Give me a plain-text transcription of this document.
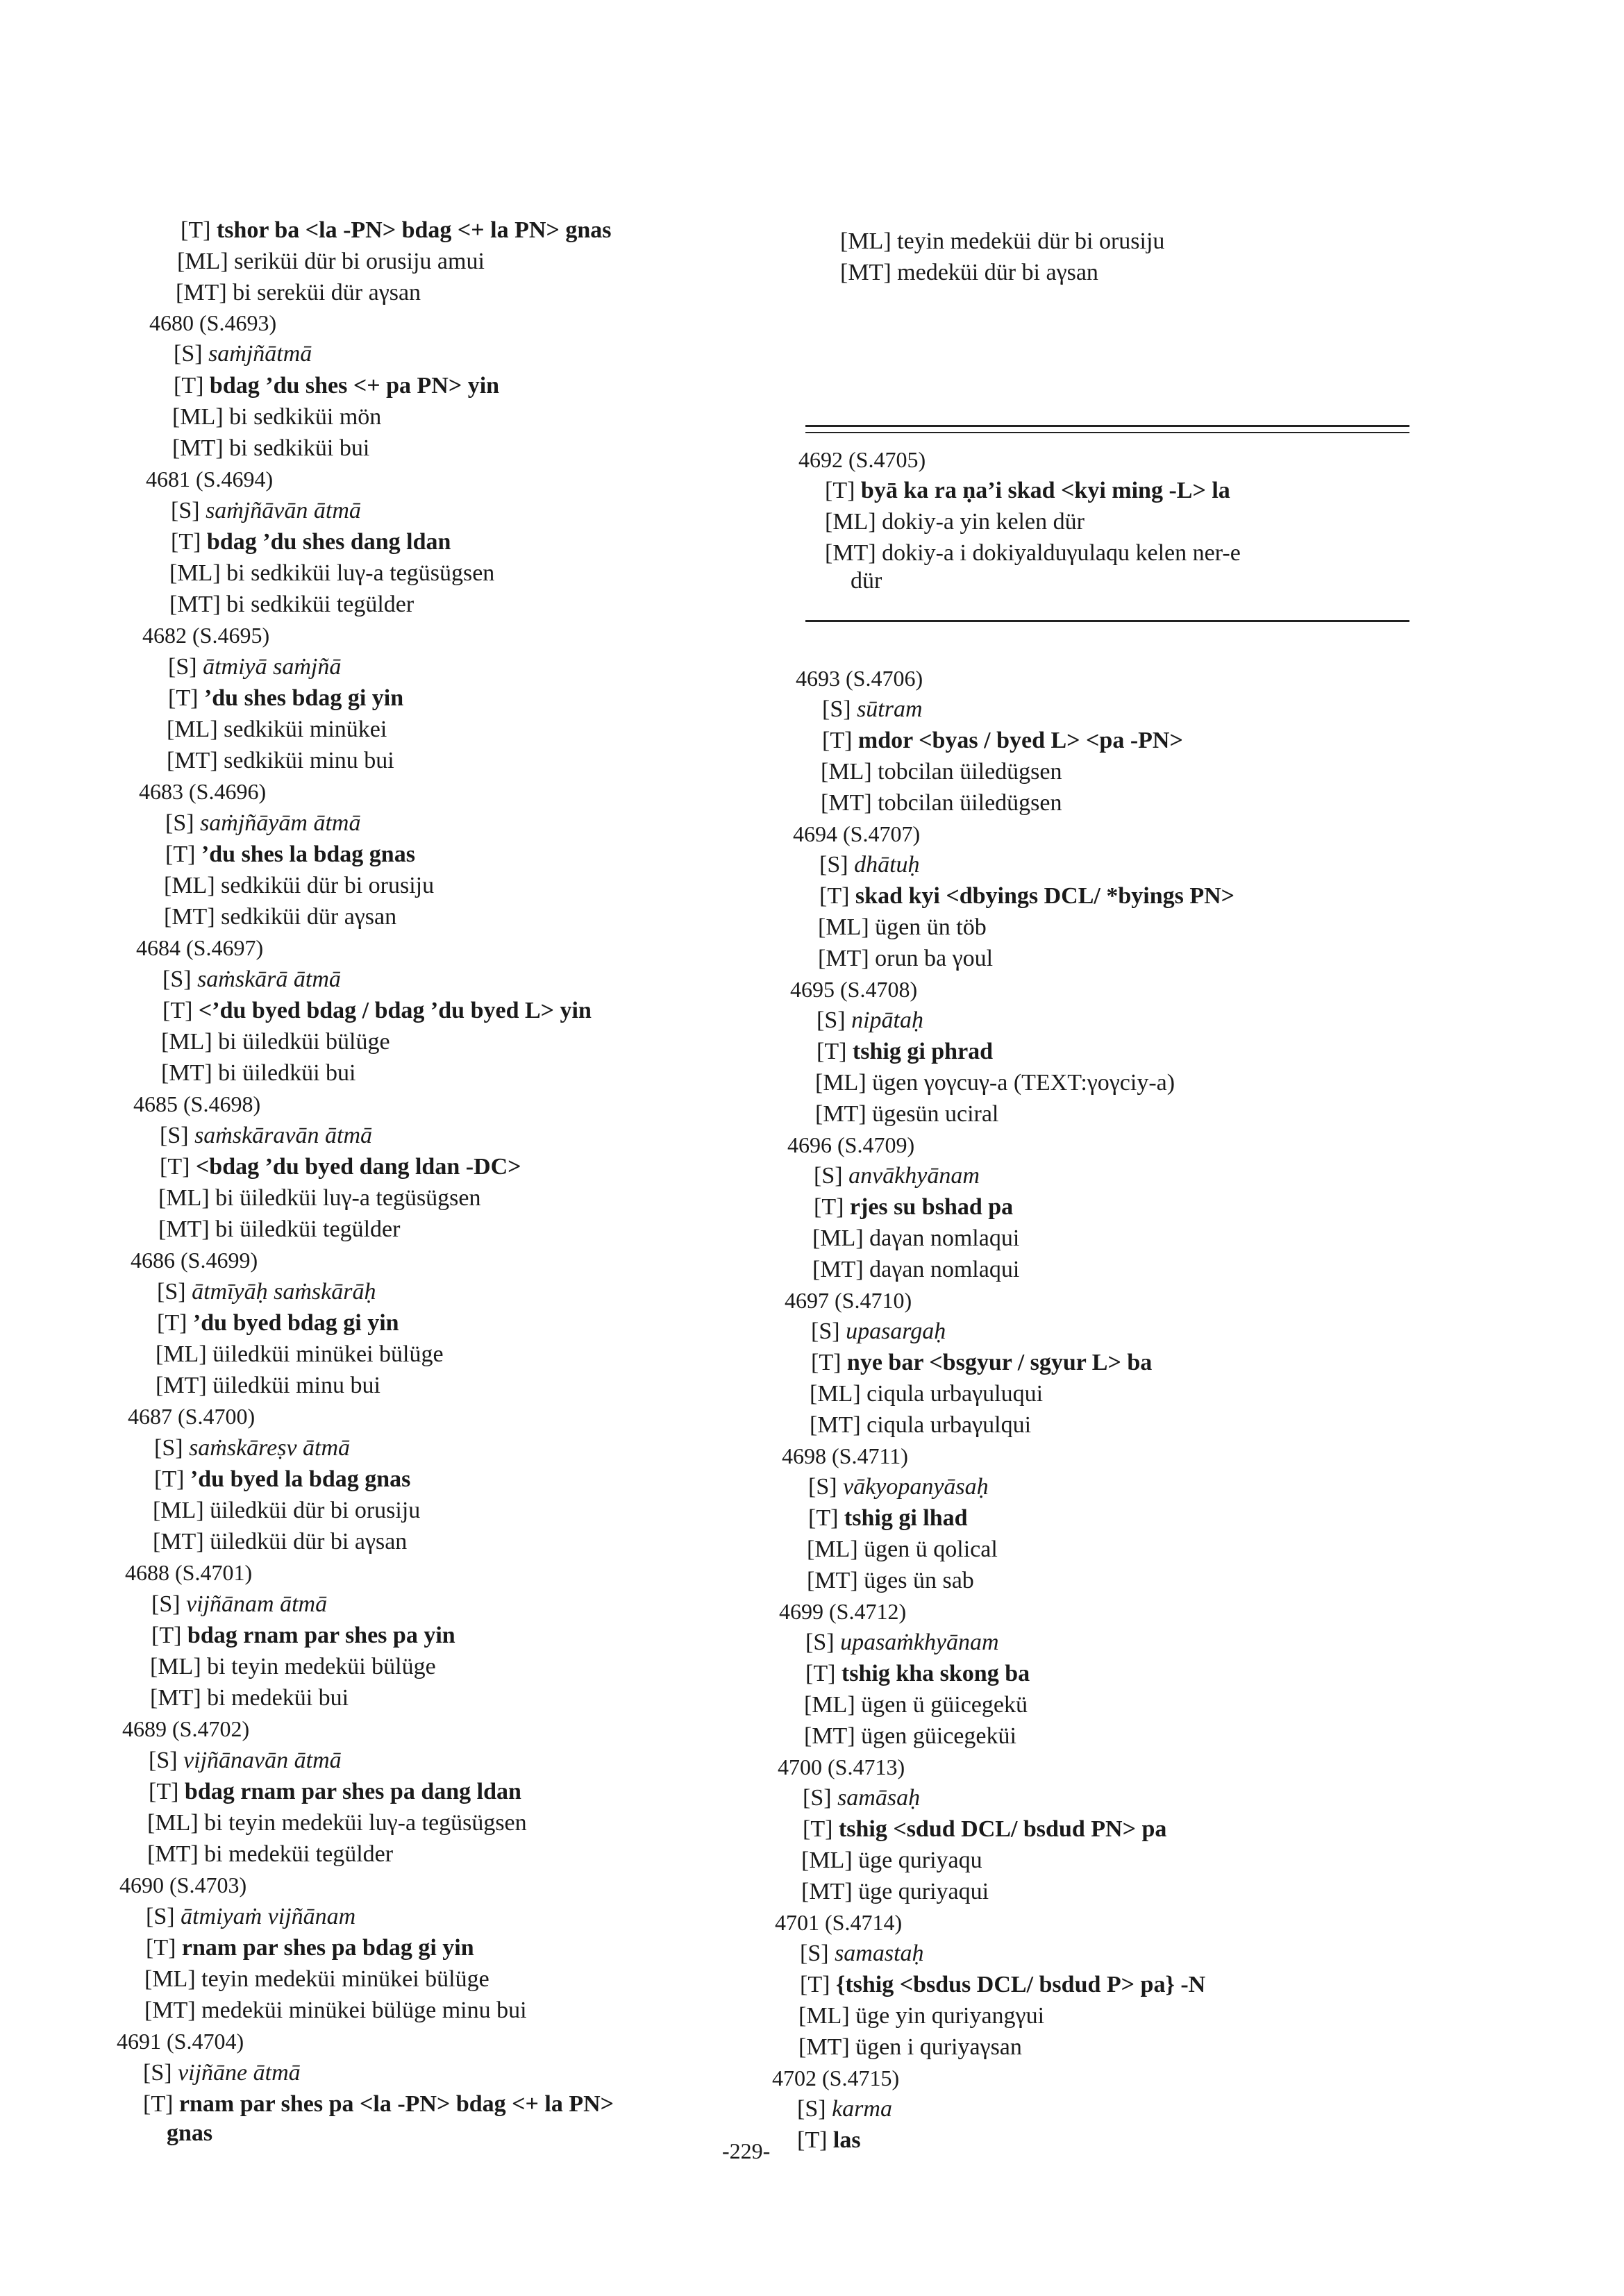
[T] tshor ba <la -PN> bdag <+ la PN> gnas
[ML] seriküi dür bi orusiju amui
[MT] bi sereküi dür aγsan
4680 (S.4693)
[S] saṁjñātmā
[T] bdag ’du shes <+ pa PN> yin
[ML] bi sedkiküi mön
[MT] bi sedkiküi bui
4681 (S.4694)
[S] saṁjñāvān ātmā
[T] bdag ’du shes dang ldan
[ML] bi sedkiküi luγ-a tegüsügsen
[MT] bi sedkiküi tegülder
4682 (S.4695)
[S] ātmiyā saṁjñā
[T] ’du shes bdag gi yin
[ML] sedkiküi minükei
[MT] sedkiküi minu bui
4683 (S.4696)
[S] saṁjñāyām ātmā
[T] ’du shes la bdag gnas
[ML] sedkiküi dür bi orusiju
[MT] sedkiküi dür aγsan
4684 (S.4697)
[S] saṁskārā ātmā
[T] <’du byed bdag / bdag ’du byed L> yin
[ML] bi üiledküi bülüge
[MT] bi üiledküi bui
4685 (S.4698)
[S] saṁskāravān ātmā
[T] <bdag ’du byed dang ldan -DC>
[ML] bi üiledküi luγ-a tegüsügsen
[MT] bi üiledküi tegülder
4686 (S.4699)
[S] ātmīyāḥ saṁskārāḥ
[T] ’du byed bdag gi yin
[ML] üiledküi minükei bülüge
[MT] üiledküi minu bui
4687 (S.4700)
[S] saṁskāreṣv ātmā
[T] ’du byed la bdag gnas
[ML] üiledküi dür bi orusiju
[MT] üiledküi dür bi aγsan
4688 (S.4701)
[S] vijñānam ātmā
[T] bdag rnam par shes pa yin
[ML] bi teyin medeküi bülüge
[MT] bi medeküi bui
4689 (S.4702)
[S] vijñānavān ātmā
[T] bdag rnam par shes pa dang ldan
[ML] bi teyin medeküi luγ-a tegüsügsen
[MT] bi medeküi tegülder
4690 (S.4703)
[S] ātmiyaṁ vijñānam
[T] rnam par shes pa bdag gi yin
[ML] teyin medeküi minükei bülüge
[MT] medeküi minükei bülüge minu bui
4691 (S.4704)
[S] vijñāne ātmā
[T] rnam par shes pa <la -PN> bdag <+ la PN>
gnas
[ML] teyin medeküi dür bi orusiju
[MT] medeküi dür bi aγsan
4692 (S.4705)
[T] byā ka ra ṇa’i skad <kyi ming -L> la
[ML] dokiy-a yin kelen dür
[MT] dokiy-a i dokiyalduγulaqu kelen ner-e
dür
4693 (S.4706)
[S] sūtram
[T] mdor <byas / byed L> <pa -PN>
[ML] tobcilan üiledügsen
[MT] tobcilan üiledügsen
4694 (S.4707)
[S] dhātuḥ
[T] skad kyi <dbyings DCL/ *byings PN>
[ML] ügen ün töb
[MT] orun ba γoul
4695 (S.4708)
[S] nipātaḥ
[T] tshig gi phrad
[ML] ügen γoγcuγ-a (TEXT:γoγciy-a)
[MT] ügesün uciral
4696 (S.4709)
[S] anvākhyānam
[T] rjes su bshad pa
[ML] daγan nomlaqui
[MT] daγan nomlaqui
4697 (S.4710)
[S] upasargaḥ
[T] nye bar <bsgyur / sgyur L> ba
[ML] ciqula urbaγuluqui
[MT] ciqula urbaγulqui
4698 (S.4711)
[S] vākyopanyāsaḥ
[T] tshig gi lhad
[ML] ügen ü qolical
[MT] üges ün sab
4699 (S.4712)
[S] upasaṁkhyānam
[T] tshig kha skong ba
[ML] ügen ü güicegekü
[MT] ügen güicegeküi
4700 (S.4713)
[S] samāsaḥ
[T] tshig <sdud DCL/ bsdud PN> pa
[ML] üge quriyaqu
[MT] üge quriyaqui
4701 (S.4714)
[S] samastaḥ
[T] {tshig <bsdus DCL/ bsdud P> pa} -N
[ML] üge yin quriyangγui
[MT] ügen i quriyaγsan
4702 (S.4715)
[S] karma
[T] las
-229-
